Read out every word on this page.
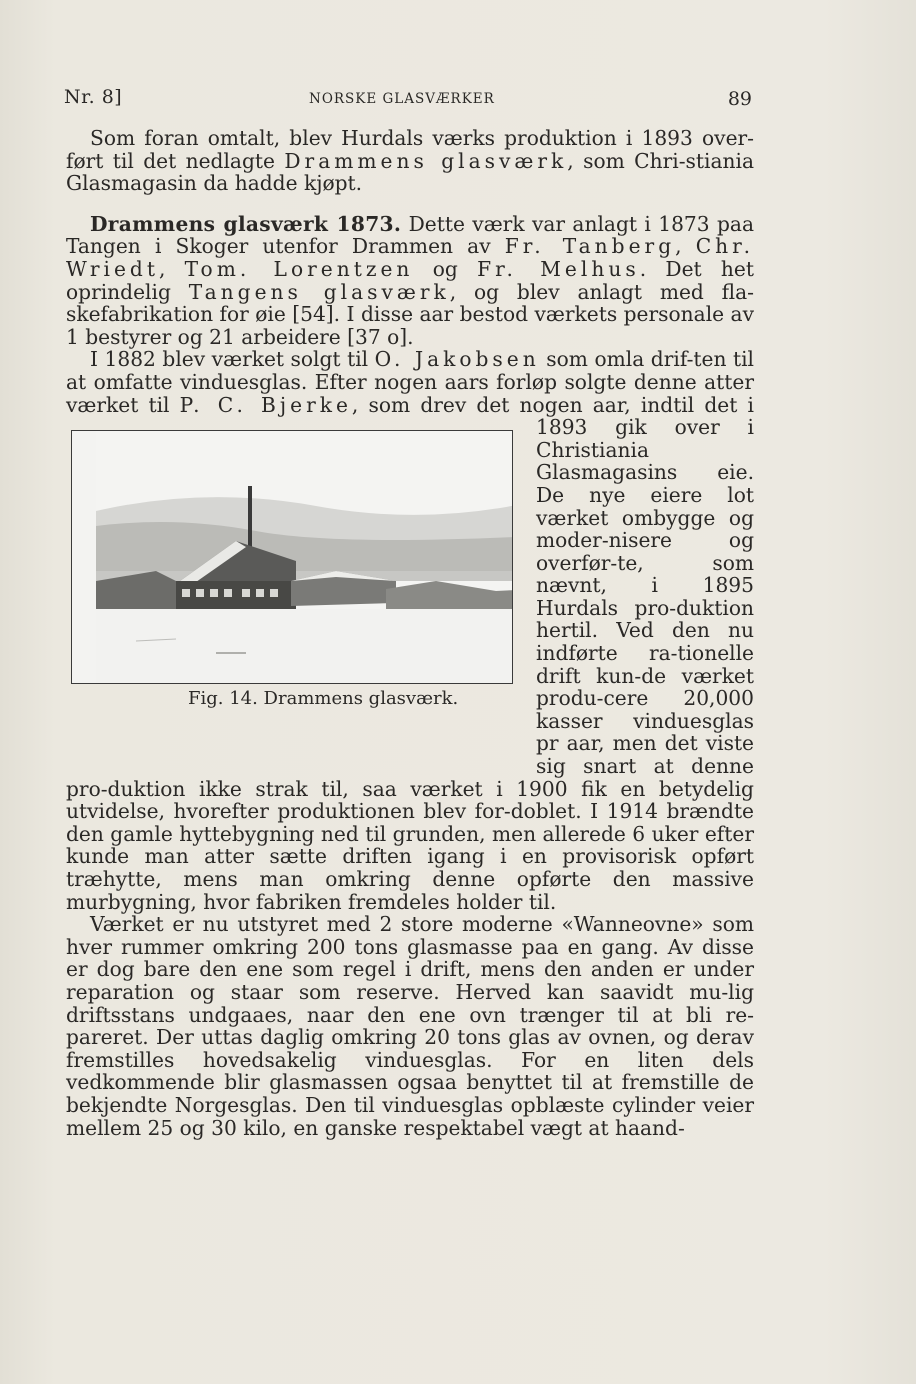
Nr. 8]	NORSKE GLASVÆRKER	89

Som foran omtalt, blev Hurdals værks produktion i 1893 over-ført til det nedlagte Drammens glasværk, som Chri-stiania Glasmagasin da hadde kjøpt.

Drammens glasværk 1873. Dette værk var anlagt i 1873 paa Tangen i Skoger utenfor Drammen av Fr. Tanberg, Chr. Wriedt, Tom. Lorentzen og Fr. Melhus. Det het oprindelig Tangens glasværk, og blev anlagt med fla-skefabrikation for øie [54]. I disse aar bestod værkets personale av 1 bestyrer og 21 arbeidere [37 o].

I 1882 blev værket solgt til O. Jakobsen som omla drif-ten til at omfatte vinduesglas. Efter nogen aars forløp solgte denne atter værket til P. C. Bjerke
Fig. 14. Drammens glasværk.
, som drev det nogen aar, indtil det i 1893 gik over i Christiania Glasmagasins eie. De nye eiere lot værket ombygge og moder-nisere og overfør-te, som nævnt, i 1895 Hurdals pro-duktion hertil. Ved den nu indførte ra-tionelle drift kun-de værket produ-cere 20,000 kasser vinduesglas pr aar, men det viste sig snart at denne pro-duktion ikke strak til, saa værket i 1900 fik en betydelig utvidelse, hvorefter produktionen blev for-doblet. I 1914 brændte den gamle hyttebygning ned til grunden, men allerede 6 uker efter kunde man atter sætte driften igang i en provisorisk opført træhytte, mens man omkring denne opførte den massive murbygning, hvor fabriken fremdeles holder til.

Værket er nu utstyret med 2 store moderne «Wanneovne» som hver rummer omkring 200 tons glasmasse paa en gang. Av disse er dog bare den ene som regel i drift, mens den anden er under reparation og staar som reserve. Herved kan saavidt mu-lig driftsstans undgaaes, naar den ene ovn trænger til at bli re-pareret. Der uttas daglig omkring 20 tons glas av ovnen, og derav fremstilles hovedsakelig vinduesglas. For en liten dels vedkommende blir glasmassen ogsaa benyttet til at fremstille de bekjendte Norgesglas. Den til vinduesglas opblæste cylinder veier mellem 25 og 30 kilo, en ganske respektabel vægt at haand-
